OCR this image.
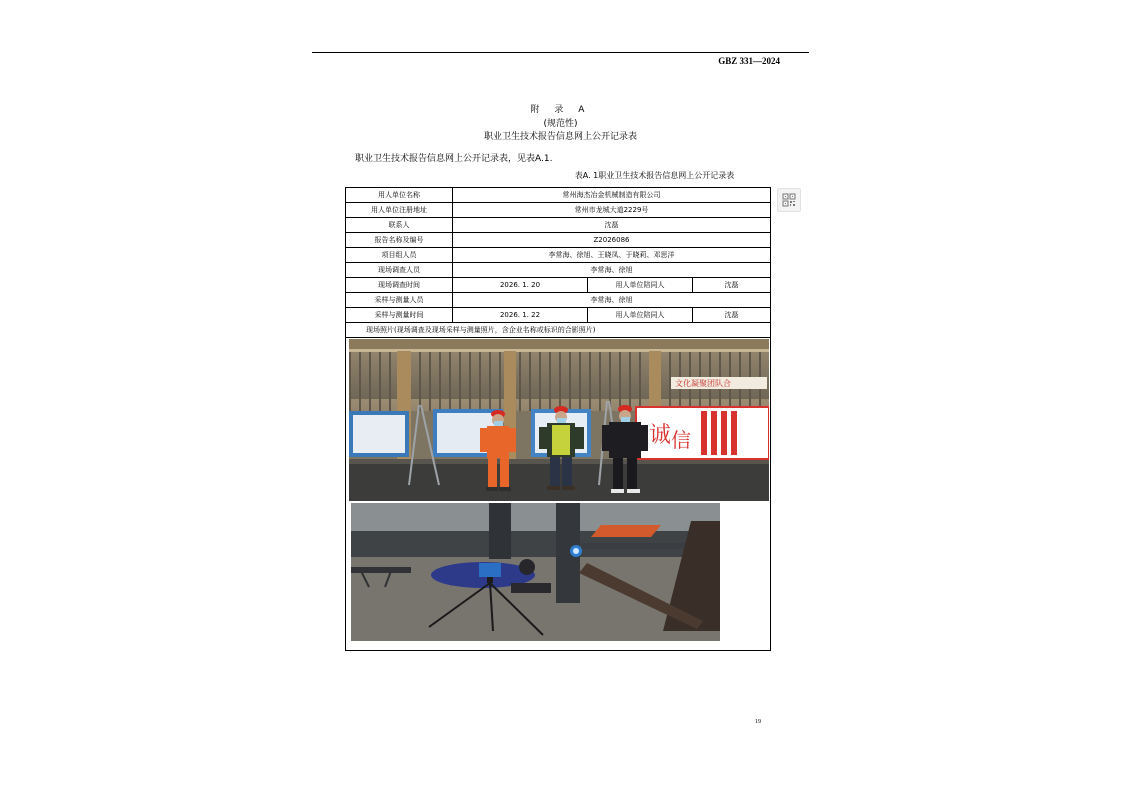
GBZ 331—2024
附 录 A
(规范性)
职业卫生技术报告信息网上公开记录表
职业卫生技术报告信息网上公开记录表，见表A.1.
表A. 1职业卫生技术报告信息网上公开记录表
用人单位名称	常州海杰冶金机械制造有限公司		
用人单位注册地址	常州市龙城大道2229号		
联系人	沈磊		
报告名称及编号	Z2026086		
项目组人员	李常海、徐旭、王晓凤、于晓莉、邓思洋		
现场调查人员	李常海、徐旭		
现场调查时间	2026. 1. 20	用人单位陪同人	沈磊
采样与测量人员	李常海、徐旭		
采样与测量时间	2026. 1. 22	用人单位陪同人	沈磊
现场照片(现场调查及现场采样与测量照片，含企业名称或标识的合影照片)			

诚 信
文化凝聚团队合			
19
